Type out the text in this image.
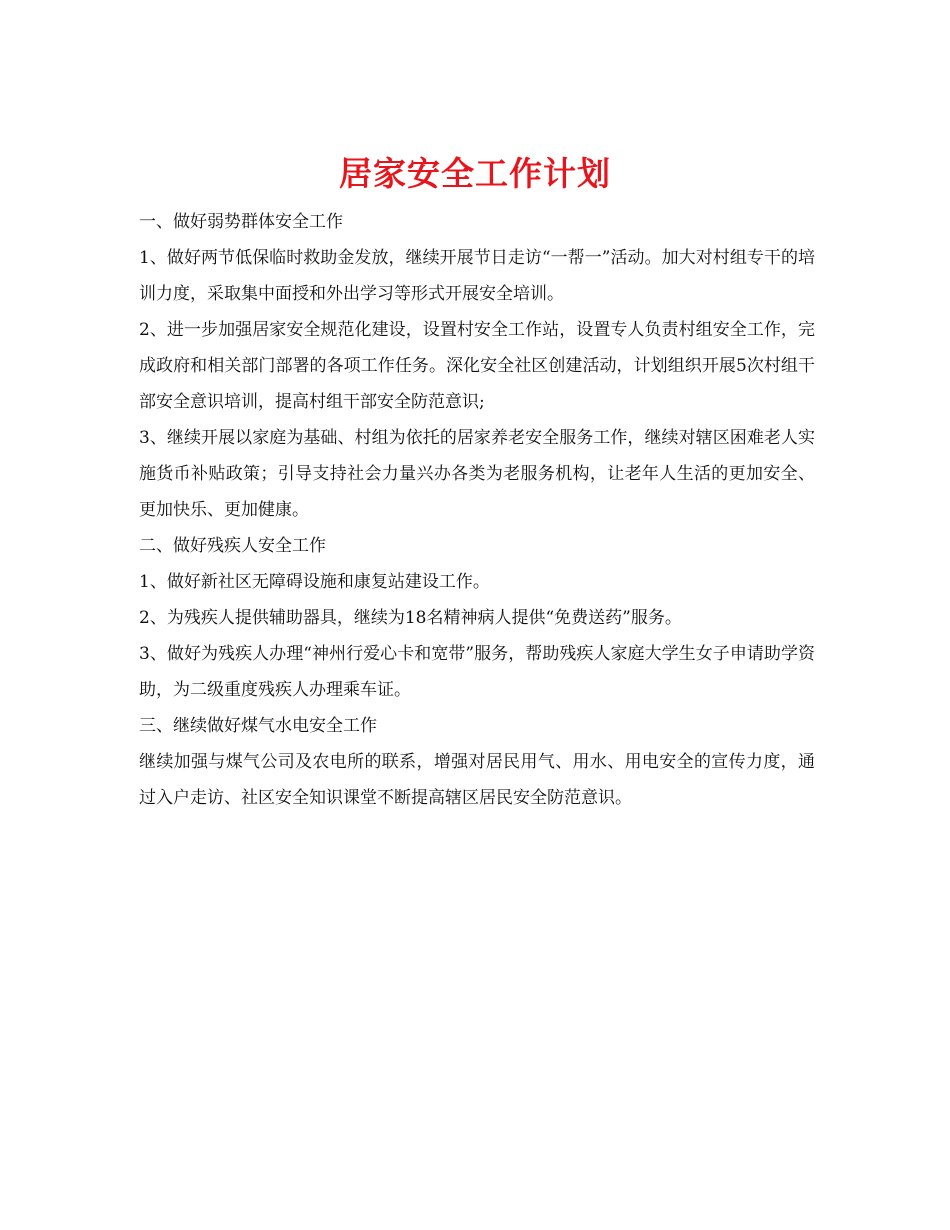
居家安全工作计划

一、做好弱势群体安全工作

1、做好两节低保临时救助金发放，继续开展节日走访“一帮一”活动。加大对村组专干的培训力度，采取集中面授和外出学习等形式开展安全培训。

2、进一步加强居家安全规范化建设，设置村安全工作站，设置专人负责村组安全工作，完成政府和相关部门部署的各项工作任务。深化安全社区创建活动，计划组织开展5次村组干部安全意识培训，提高村组干部安全防范意识;

3、继续开展以家庭为基础、村组为依托的居家养老安全服务工作，继续对辖区困难老人实施货币补贴政策；引导支持社会力量兴办各类为老服务机构，让老年人生活的更加安全、更加快乐、更加健康。

二、做好残疾人安全工作

1、做好新社区无障碍设施和康复站建设工作。

2、为残疾人提供辅助器具，继续为18名精神病人提供“免费送药”服务。

3、做好为残疾人办理“神州行爱心卡和宽带”服务，帮助残疾人家庭大学生女子申请助学资助，为二级重度残疾人办理乘车证。

三、继续做好煤气水电安全工作

继续加强与煤气公司及农电所的联系，增强对居民用气、用水、用电安全的宣传力度，通过入户走访、社区安全知识课堂不断提高辖区居民安全防范意识。
